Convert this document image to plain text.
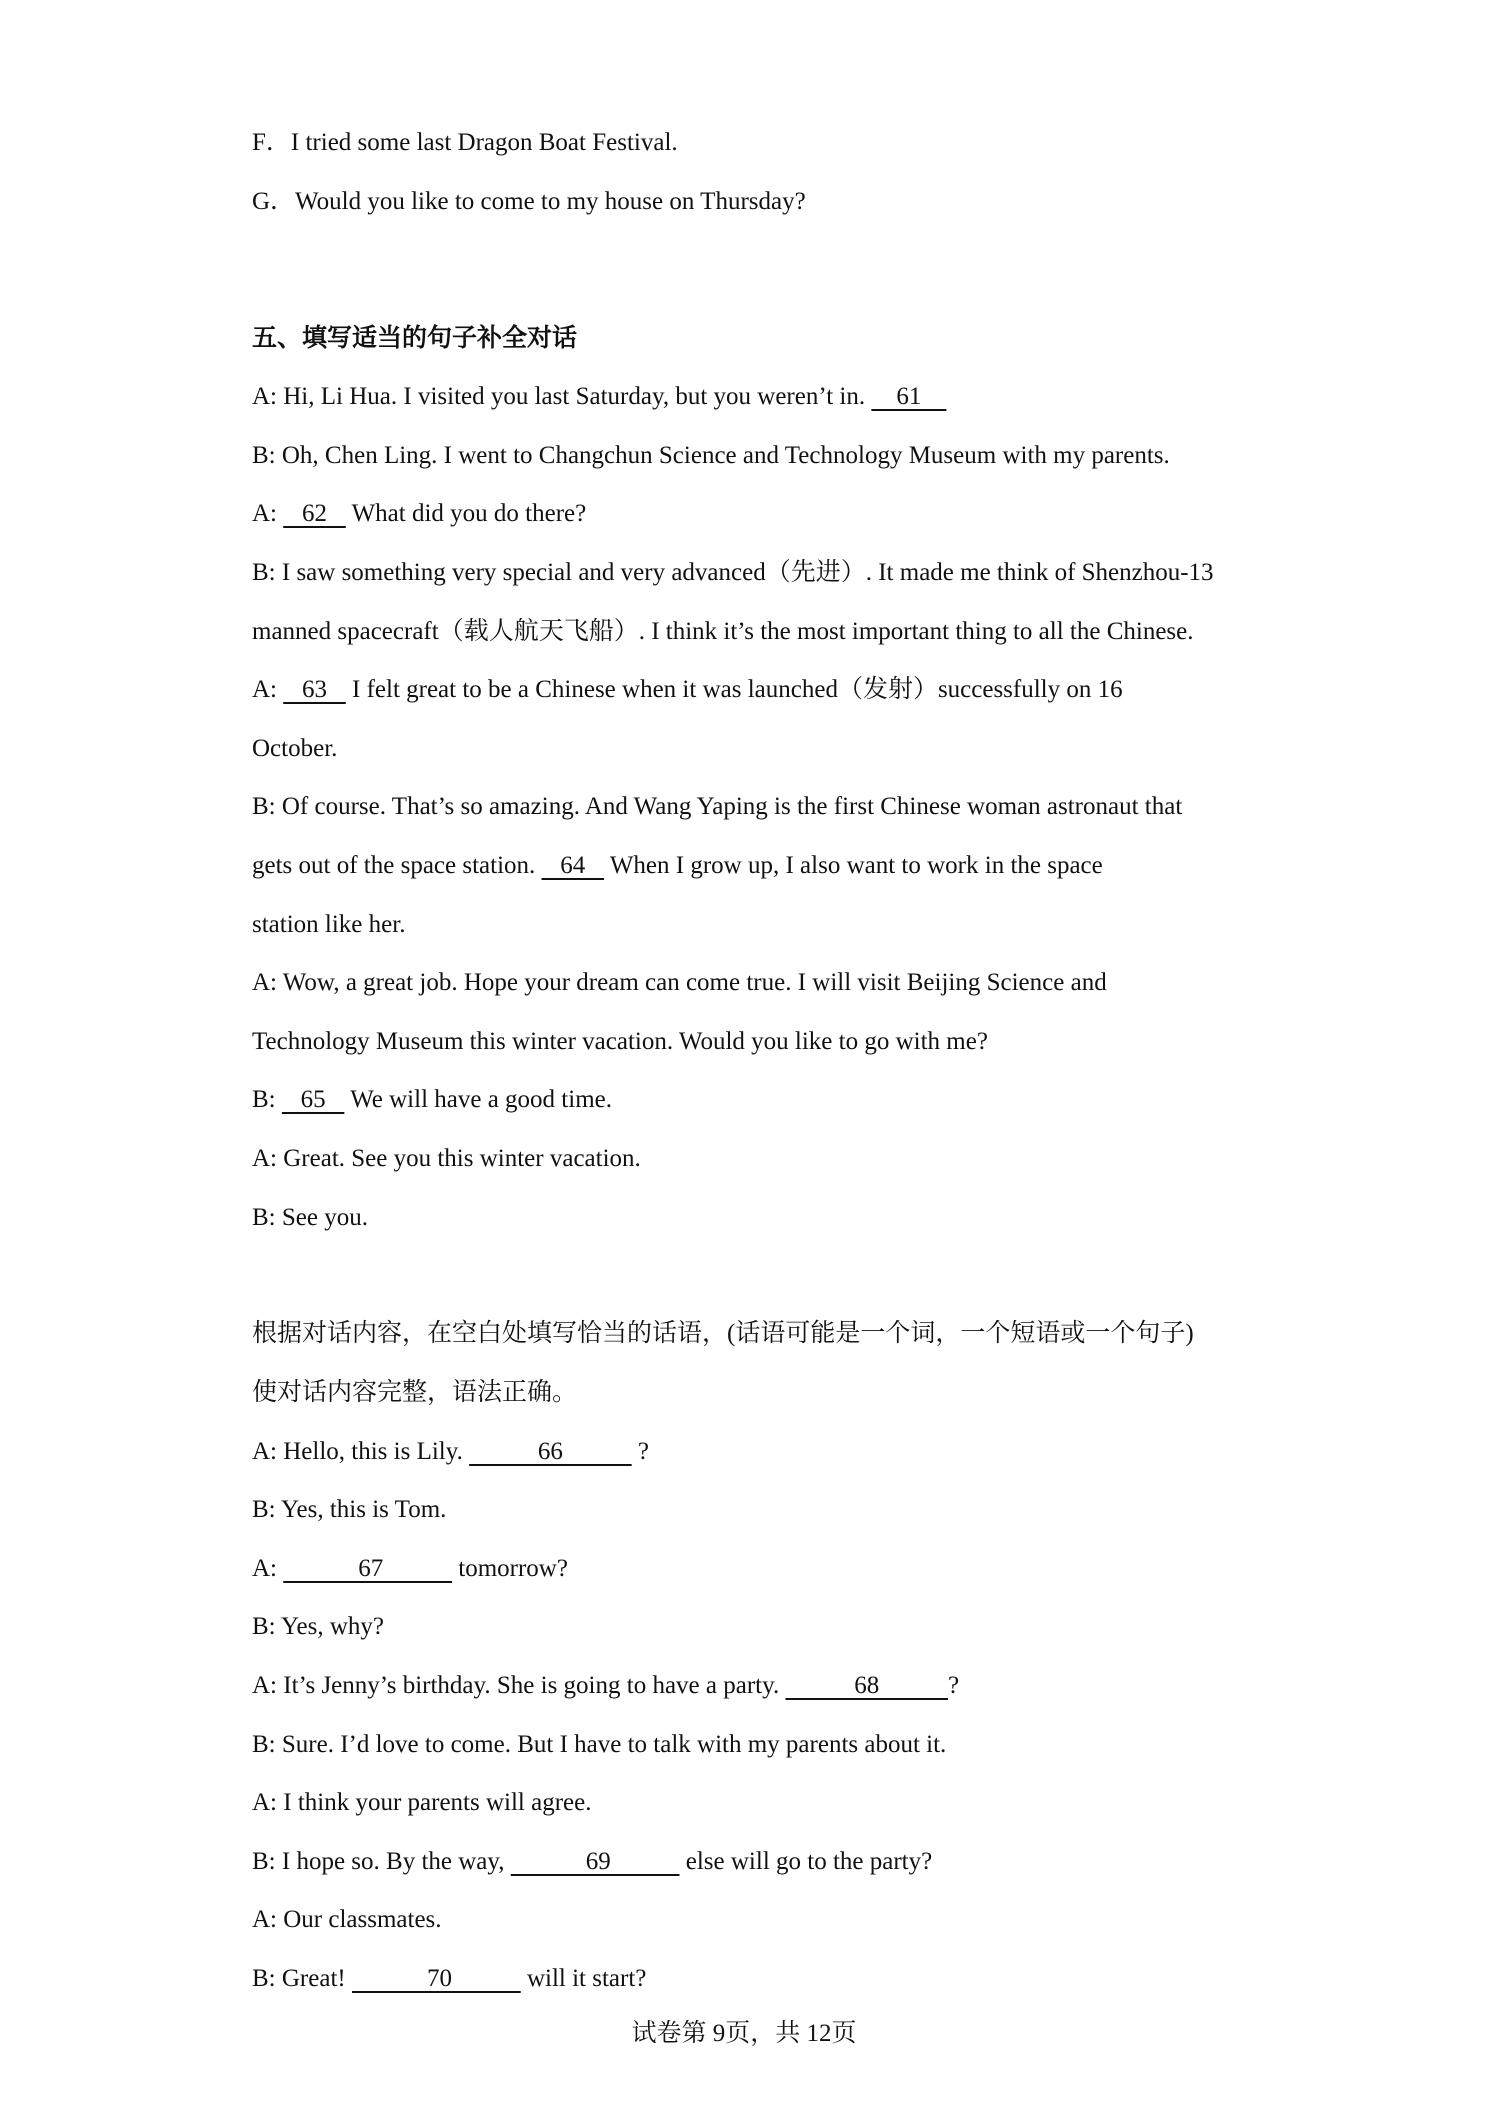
F．I tried some last Dragon Boat Festival.
G．Would you like to come to my house on Thursday?
五、填写适当的句子补全对话
A: Hi, Li Hua. I visited you last Saturday, but you weren’t in.     61
B: Oh, Chen Ling. I went to Changchun Science and Technology Museum with my parents.
A:    62    What did you do there?
B: I saw something very special and very advanced（先进）. It made me think of Shenzhou-13
manned spacecraft（载人航天飞船）. I think it’s the most important thing to all the Chinese.
A:    63    I felt great to be a Chinese when it was launched（发射）successfully on 16
October.
B: Of course. That’s so amazing. And Wang Yaping is the first Chinese woman astronaut that
gets out of the space station.    64    When I grow up, I also want to work in the space
station like her.
A: Wow, a great job. Hope your dream can come true. I will visit Beijing Science and
Technology Museum this winter vacation. Would you like to go with me?
B:    65    We will have a good time.
A: Great. See you this winter vacation.
B: See you.
根据对话内容，在空白处填写恰当的话语，(话语可能是一个词，一个短语或一个句子)
使对话内容完整，语法正确。
A: Hello, this is Lily.            66            ?
B: Yes, this is Tom.
A:             67            tomorrow?
B: Yes, why?
A: It’s Jenny’s birthday. She is going to have a party.            68           ?
B: Sure. I’d love to come. But I have to talk with my parents about it.
A: I think your parents will agree.
B: I hope so. By the way,             69            else will go to the party?
A: Our classmates.
B: Great!             70            will it start?
试卷第 9页，共 12页
